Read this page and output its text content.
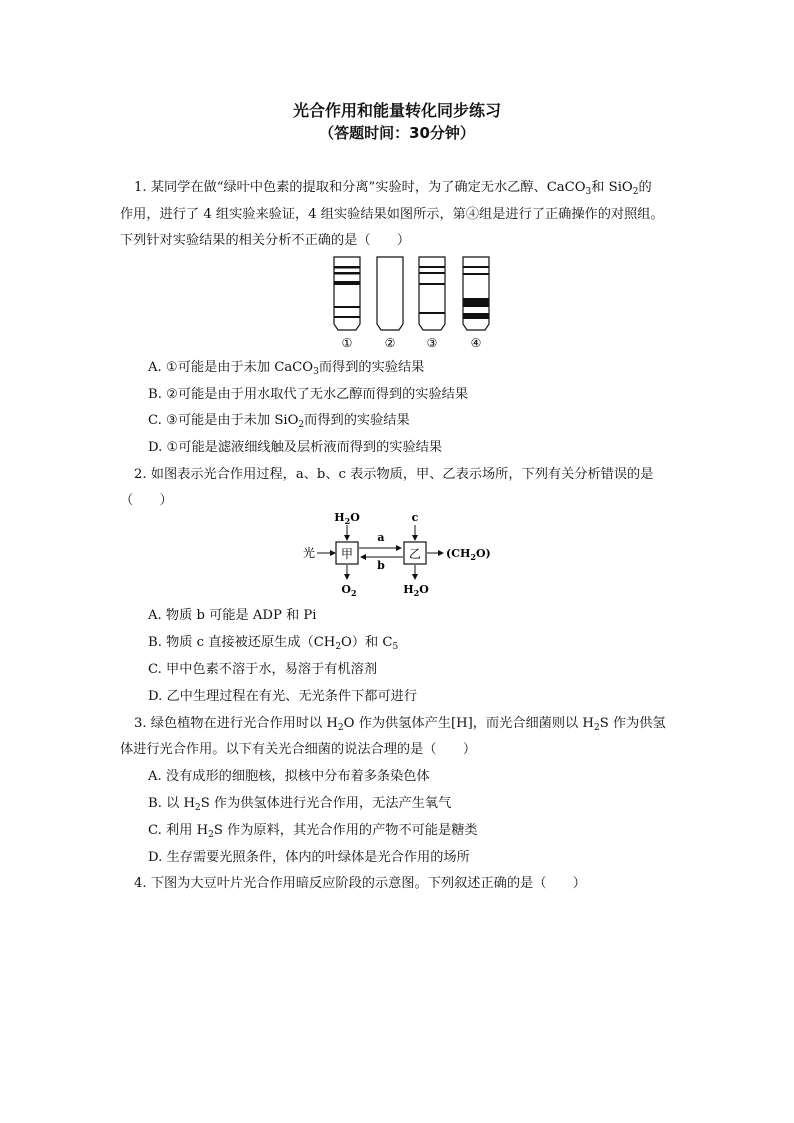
光合作用和能量转化同步练习
（答题时间：30分钟）
1. 某同学在做“绿叶中色素的提取和分离”实验时，为了确定无水乙醇、CaCO$_3$和 SiO$_2$的
作用，进行了 4 组实验来验证，4 组实验结果如图所示，第④组是进行了正确操作的对照组。
下列针对实验结果的相关分析不正确的是（　　）
①	②	③	④
A. ①可能是由于未加 CaCO$_3$而得到的实验结果
B. ②可能是由于用水取代了无水乙醇而得到的实验结果
C. ③可能是由于未加 SiO$_2$而得到的实验结果
D. ①可能是滤液细线触及层析液而得到的实验结果
2. 如图表示光合作用过程，a、b、c 表示物质，甲、乙表示场所，下列有关分析错误的是
（　　）
$H_2O$
光 甲
a
b
乙
c
$(CH_2O)$
$O_2$	$H_2O$
A. 物质 b 可能是 ADP 和 Pi
B. 物质 c 直接被还原生成$(CH_2O)$和 $C_5$
C. 甲中色素不溶于水，易溶于有机溶剂
D. 乙中生理过程在有光、无光条件下都可进行
3. 绿色植物在进行光合作用时以 $H_2O$ 作为供氢体产生[H]，而光合细菌则以 $H_2S$ 作为供氢
体进行光合作用。以下有关光合细菌的说法合理的是（　　）
A. 没有成形的细胞核，拟核中分布着多条染色体
B. 以 $H_2S$ 作为供氢体进行光合作用，无法产生氧气
C. 利用 $H_2S$ 作为原料，其光合作用的产物不可能是糖类
D. 生存需要光照条件，体内的叶绿体是光合作用的场所
4. 下图为大豆叶片光合作用暗反应阶段的示意图。下列叙述正确的是（　　）
